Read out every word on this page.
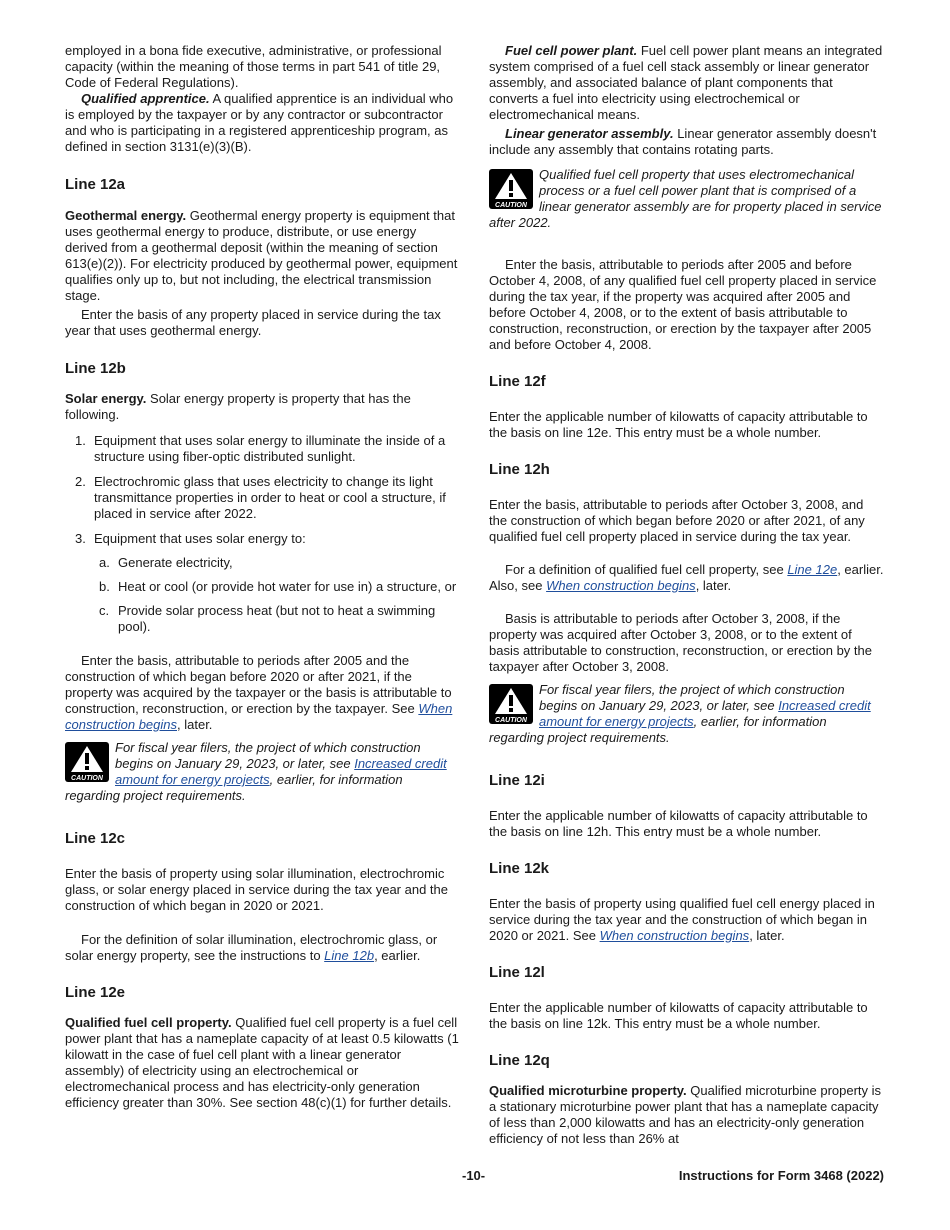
employed in a bona fide executive, administrative, or professional capacity (within the meaning of those terms in part 541 of title 29, Code of Federal Regulations).

Qualified apprentice. A qualified apprentice is an individual who is employed by the taxpayer or by any contractor or subcontractor and who is participating in a registered apprenticeship program, as defined in section 3131(e)(3)(B).

Line 12a

Geothermal energy. Geothermal energy property is equipment that uses geothermal energy to produce, distribute, or use energy derived from a geothermal deposit (within the meaning of section 613(e)(2)). For electricity produced by geothermal power, equipment qualifies only up to, but not including, the electrical transmission stage.

Enter the basis of any property placed in service during the tax year that uses geothermal energy.

Line 12b

Solar energy. Solar energy property is property that has the following.

1. Equipment that uses solar energy to illuminate the inside of a structure using fiber-optic distributed sunlight.
2. Electrochromic glass that uses electricity to change its light transmittance properties in order to heat or cool a structure, if placed in service after 2022.
3. Equipment that uses solar energy to:
a. Generate electricity,
b. Heat or cool (or provide hot water for use in) a structure, or
c. Provide solar process heat (but not to heat a swimming pool).

Enter the basis, attributable to periods after 2005 and the construction of which began before 2020 or after 2021, if the property was acquired by the taxpayer or the basis is attributable to construction, reconstruction, or erection by the taxpayer. See When construction begins, later.

CAUTION

For fiscal year filers, the project of which construction begins on January 29, 2023, or later, see Increased credit amount for energy projects, earlier, for information regarding project requirements.

Line 12c

Enter the basis of property using solar illumination, electrochromic glass, or solar energy placed in service during the tax year and the construction of which began in 2020 or 2021.

For the definition of solar illumination, electrochromic glass, or solar energy property, see the instructions to Line 12b, earlier.

Line 12e

Qualified fuel cell property. Qualified fuel cell property is a fuel cell power plant that has a nameplate capacity of at least 0.5 kilowatts (1 kilowatt in the case of fuel cell plant with a linear generator assembly) of electricity using an electrochemical or electromechanical process and has electricity-only generation efficiency greater than 30%. See section 48(c)(1) for further details.

Fuel cell power plant. Fuel cell power plant means an integrated system comprised of a fuel cell stack assembly or linear generator assembly, and associated balance of plant components that converts a fuel into electricity using electrochemical or electromechanical means.

Linear generator assembly. Linear generator assembly doesn't include any assembly that contains rotating parts.

CAUTION

Qualified fuel cell property that uses electromechanical process or a fuel cell power plant that is comprised of a linear generator assembly are for property placed in service after 2022.

Enter the basis, attributable to periods after 2005 and before October 4, 2008, of any qualified fuel cell property placed in service during the tax year, if the property was acquired after 2005 and before October 4, 2008, or to the extent of basis attributable to construction, reconstruction, or erection by the taxpayer after 2005 and before October 4, 2008.

Line 12f

Enter the applicable number of kilowatts of capacity attributable to the basis on line 12e. This entry must be a whole number.

Line 12h

Enter the basis, attributable to periods after October 3, 2008, and the construction of which began before 2020 or after 2021, of any qualified fuel cell property placed in service during the tax year.

For a definition of qualified fuel cell property, see Line 12e, earlier. Also, see When construction begins, later.

Basis is attributable to periods after October 3, 2008, if the property was acquired after October 3, 2008, or to the extent of basis attributable to construction, reconstruction, or erection by the taxpayer after October 3, 2008.

CAUTION

For fiscal year filers, the project of which construction begins on January 29, 2023, or later, see Increased credit amount for energy projects, earlier, for information regarding project requirements.

Line 12i

Enter the applicable number of kilowatts of capacity attributable to the basis on line 12h. This entry must be a whole number.

Line 12k

Enter the basis of property using qualified fuel cell energy placed in service during the tax year and the construction of which began in 2020 or 2021. See When construction begins, later.

Line 12l

Enter the applicable number of kilowatts of capacity attributable to the basis on line 12k. This entry must be a whole number.

Line 12q

Qualified microturbine property. Qualified microturbine property is a stationary microturbine power plant that has a nameplate capacity of less than 2,000 kilowatts and has an electricity-only generation efficiency of not less than 26% at

-10-	Instructions for Form 3468 (2022)
